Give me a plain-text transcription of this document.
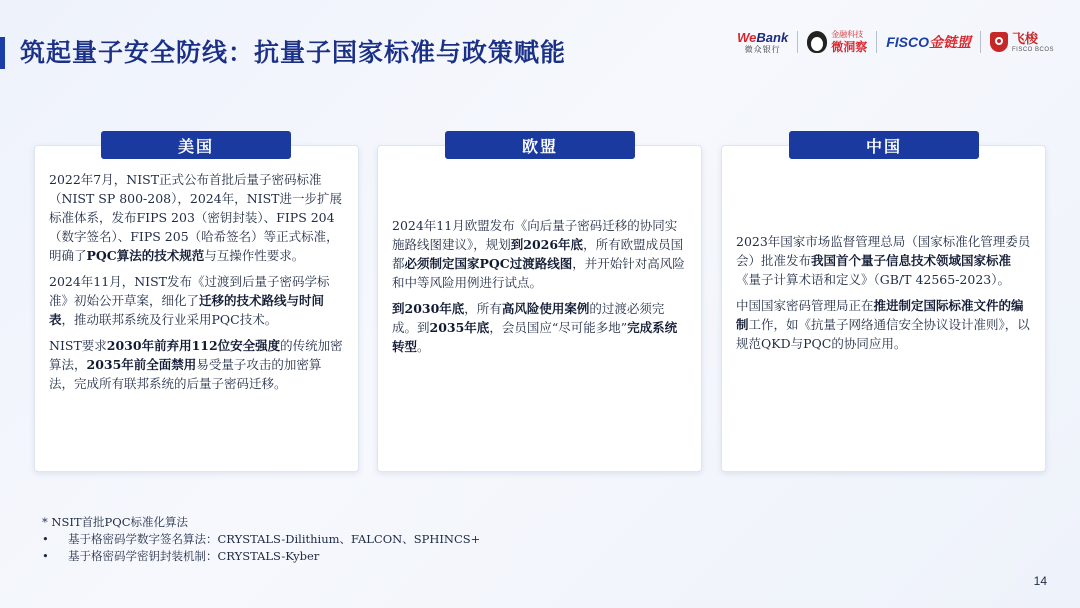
筑起量子安全防线：抗量子国家标准与政策赋能
WeBank
微众银行
金融科技
微洞察 FISCO金链盟	飞梭
FISCO BCOS
美国

2022年7月，NIST正式公布首批后量子密码标准（NIST SP 800-208），2024年，NIST进一步扩展标准体系，发布FIPS 203（密钥封装）、FIPS 204（数字签名）、FIPS 205（哈希签名）等正式标准，明确了PQC算法的技术规范与互操作性要求。

2024年11月，NIST发布《过渡到后量子密码学标准》初始公开草案，细化了迁移的技术路线与时间表，推动联邦系统及行业采用PQC技术。

NIST要求2030年前弃用112位安全强度的传统加密算法，2035年前全面禁用易受量子攻击的加密算法，完成所有联邦系统的后量子密码迁移。

欧盟

2024年11月欧盟发布《向后量子密码迁移的协同实施路线图建议》，规划到2026年底，所有欧盟成员国都必须制定国家PQC过渡路线图，并开始针对高风险和中等风险用例进行试点。

到2030年底，所有高风险使用案例的过渡必须完成。到2035年底，会员国应“尽可能多地”完成系统转型。

中国

2023年国家市场监督管理总局（国家标准化管理委员会）批准发布我国首个量子信息技术领域国家标准《量子计算术语和定义》（GB/T 42565-2023）。

中国国家密码管理局正在推进制定国际标准文件的编制工作，如《抗量子网络通信安全协议设计准则》，以规范QKD与PQC的协同应用。

* NSIT首批PQC标准化算法
•	基于格密码学数字签名算法：CRYSTALS-Dilithium、FALCON、SPHINCS+
•	基于格密码学密钥封装机制：CRYSTALS-Kyber
14
